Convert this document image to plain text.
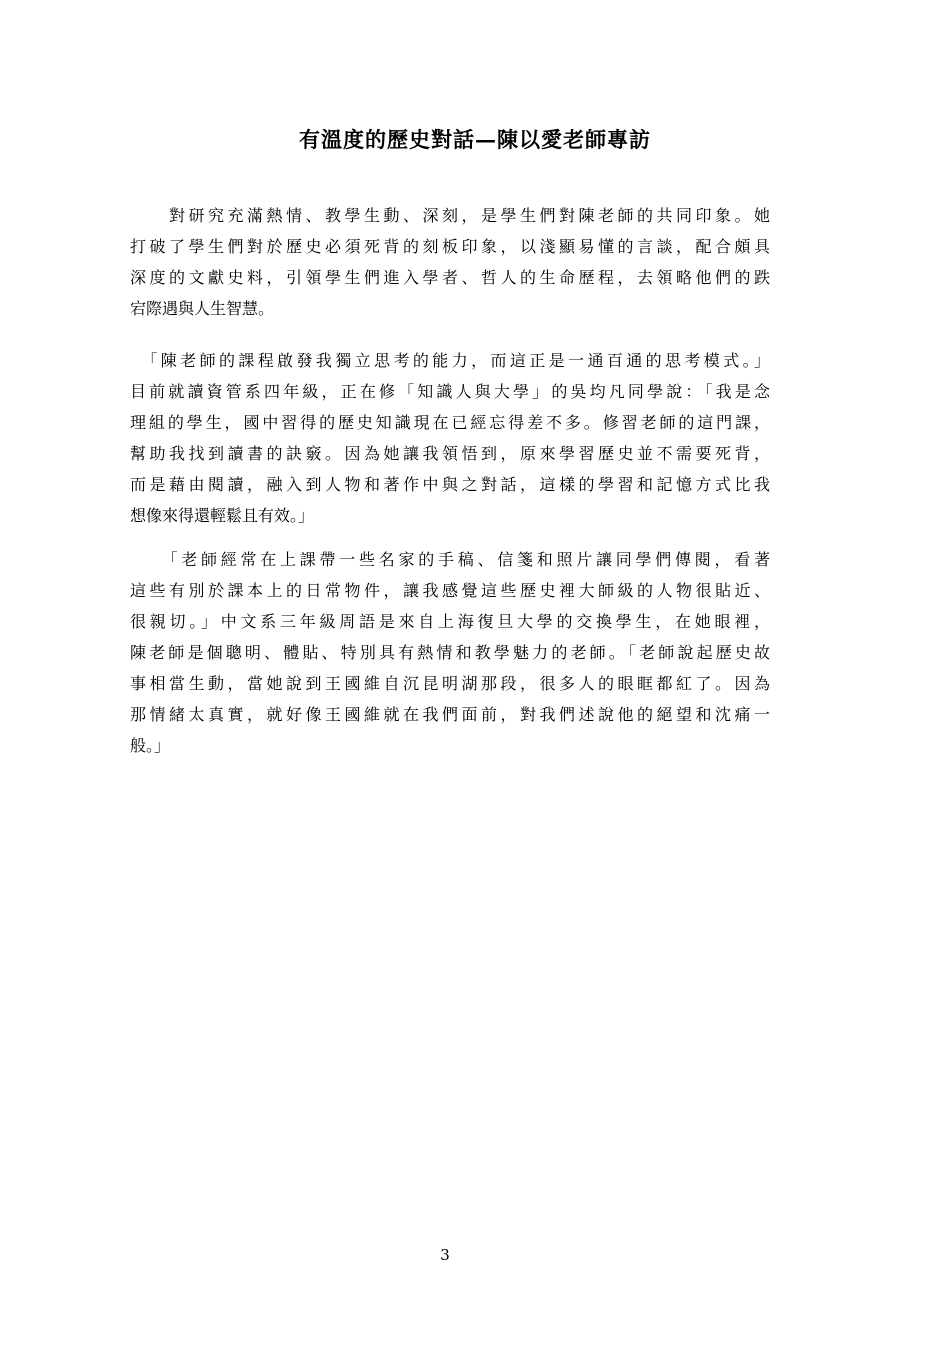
有溫度的歷史對話—陳以愛老師專訪
　　對研究充滿熱情、教學生動、深刻，是學生們對陳老師的共同印象。她
打破了學生們對於歷史必須死背的刻板印象，以淺顯易懂的言談，配合頗具
深度的文獻史料，引領學生們進入學者、哲人的生命歷程，去領略他們的跌
宕際遇與人生智慧。
　「陳老師的課程啟發我獨立思考的能力，而這正是一通百通的思考模式。」
目前就讀資管系四年級，正在修「知識人與大學」的吳均凡同學說：「我是念
理組的學生，國中習得的歷史知識現在已經忘得差不多。修習老師的這門課，
幫助我找到讀書的訣竅。因為她讓我領悟到，原來學習歷史並不需要死背，
而是藉由閱讀，融入到人物和著作中與之對話，這樣的學習和記憶方式比我
想像來得還輕鬆且有效。」
　　「老師經常在上課帶一些名家的手稿、信箋和照片讓同學們傳閱，看著
這些有別於課本上的日常物件，讓我感覺這些歷史裡大師級的人物很貼近、
很親切。」中文系三年級周語是來自上海復旦大學的交換學生，在她眼裡，
陳老師是個聰明、體貼、特別具有熱情和教學魅力的老師。「老師說起歷史故
事相當生動，當她說到王國維自沉昆明湖那段，很多人的眼眶都紅了。因為
那情緒太真實，就好像王國維就在我們面前，對我們述說他的絕望和沈痛一
般。」
3
